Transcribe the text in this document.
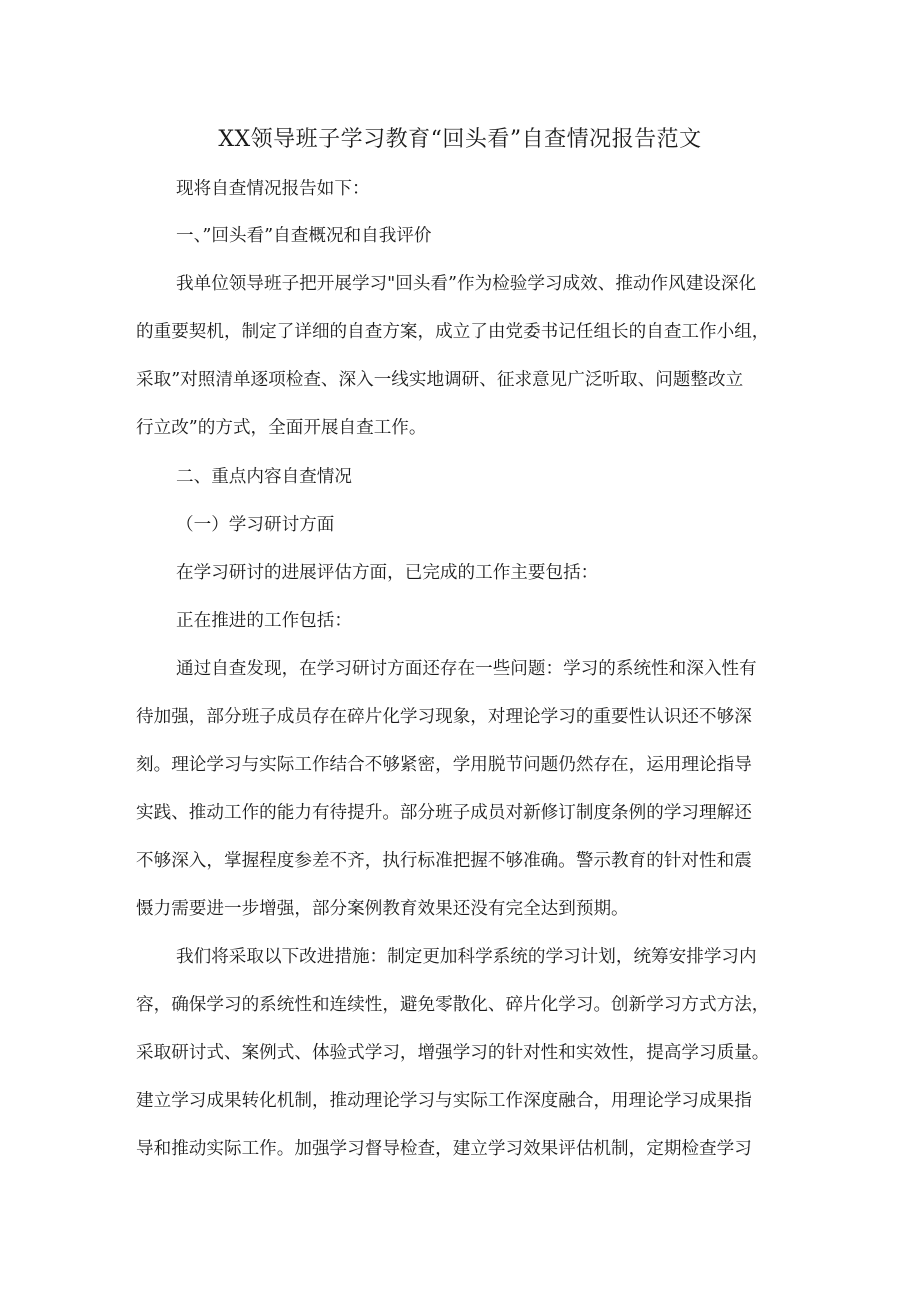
XX领导班子学习教育“回头看”自查情况报告范文
现将自查情况报告如下：
一、”回头看”自查概况和自我评价
我单位领导班子把开展学习"回头看”作为检验学习成效、推动作风建设深化
的重要契机，制定了详细的自查方案，成立了由党委书记任组长的自查工作小组，
采取”对照清单逐项检查、深入一线实地调研、征求意见广泛听取、问题整改立
行立改”的方式，全面开展自查工作。
二、重点内容自查情况
（一）学习研讨方面
在学习研讨的进展评估方面，已完成的工作主要包括：
正在推进的工作包括：
通过自查发现，在学习研讨方面还存在一些问题：学习的系统性和深入性有
待加强，部分班子成员存在碎片化学习现象，对理论学习的重要性认识还不够深
刻。理论学习与实际工作结合不够紧密，学用脱节问题仍然存在，运用理论指导
实践、推动工作的能力有待提升。部分班子成员对新修订制度条例的学习理解还
不够深入，掌握程度参差不齐，执行标准把握不够准确。警示教育的针对性和震
慑力需要进一步增强，部分案例教育效果还没有完全达到预期。
我们将采取以下改进措施：制定更加科学系统的学习计划，统筹安排学习内
容，确保学习的系统性和连续性，避免零散化、碎片化学习。创新学习方式方法，
采取研讨式、案例式、体验式学习，增强学习的针对性和实效性，提高学习质量。
建立学习成果转化机制，推动理论学习与实际工作深度融合，用理论学习成果指
导和推动实际工作。加强学习督导检查，建立学习效果评估机制，定期检查学习
